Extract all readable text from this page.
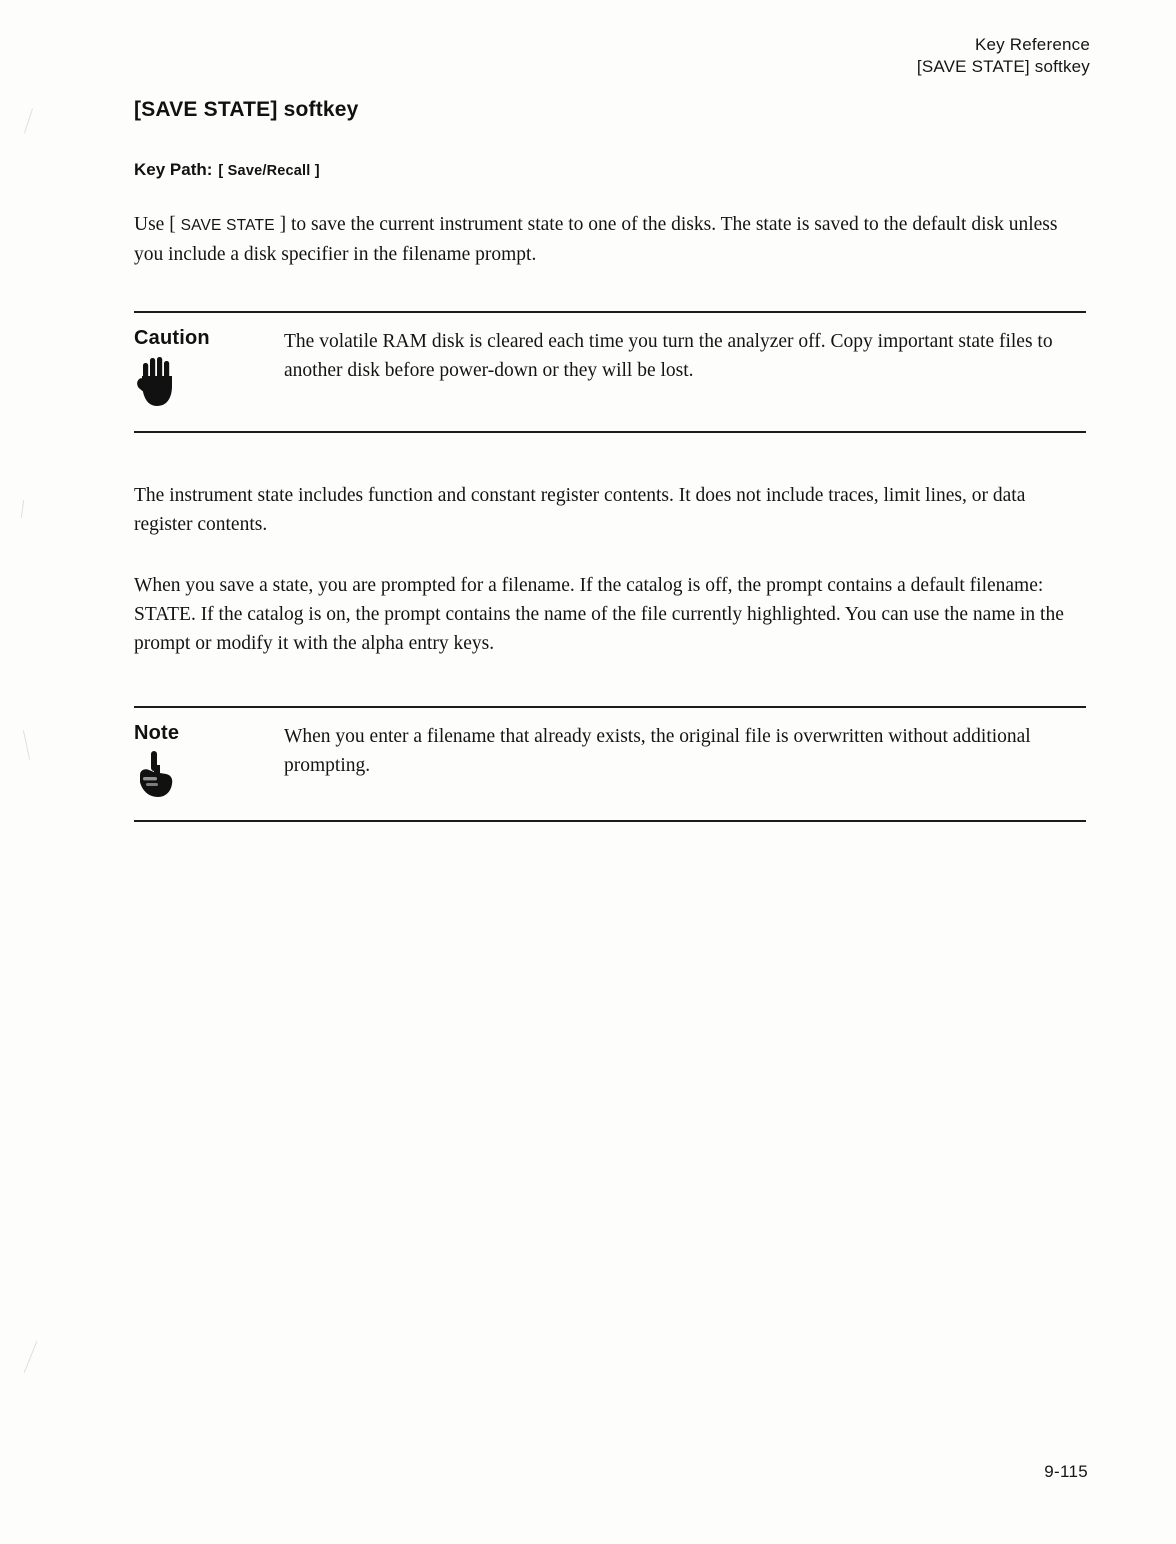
Key Reference
[SAVE STATE] softkey
[SAVE STATE] softkey
Key Path: [ Save/Recall ]

Use [ SAVE STATE ] to save the current instrument state to one of the disks. The state is saved to the default disk unless you include a disk specifier in the filename prompt.

Caution	The volatile RAM disk is cleared each time you turn the analyzer off. Copy important state files to another disk before power-down or they will be lost.

The instrument state includes function and constant register contents. It does not include traces, limit lines, or data register contents.

When you save a state, you are prompted for a filename. If the catalog is off, the prompt contains a default filename: STATE. If the catalog is on, the prompt contains the name of the file currently highlighted. You can use the name in the prompt or modify it with the alpha entry keys.

Note	When you enter a filename that already exists, the original file is overwritten without additional prompting.
9-115
